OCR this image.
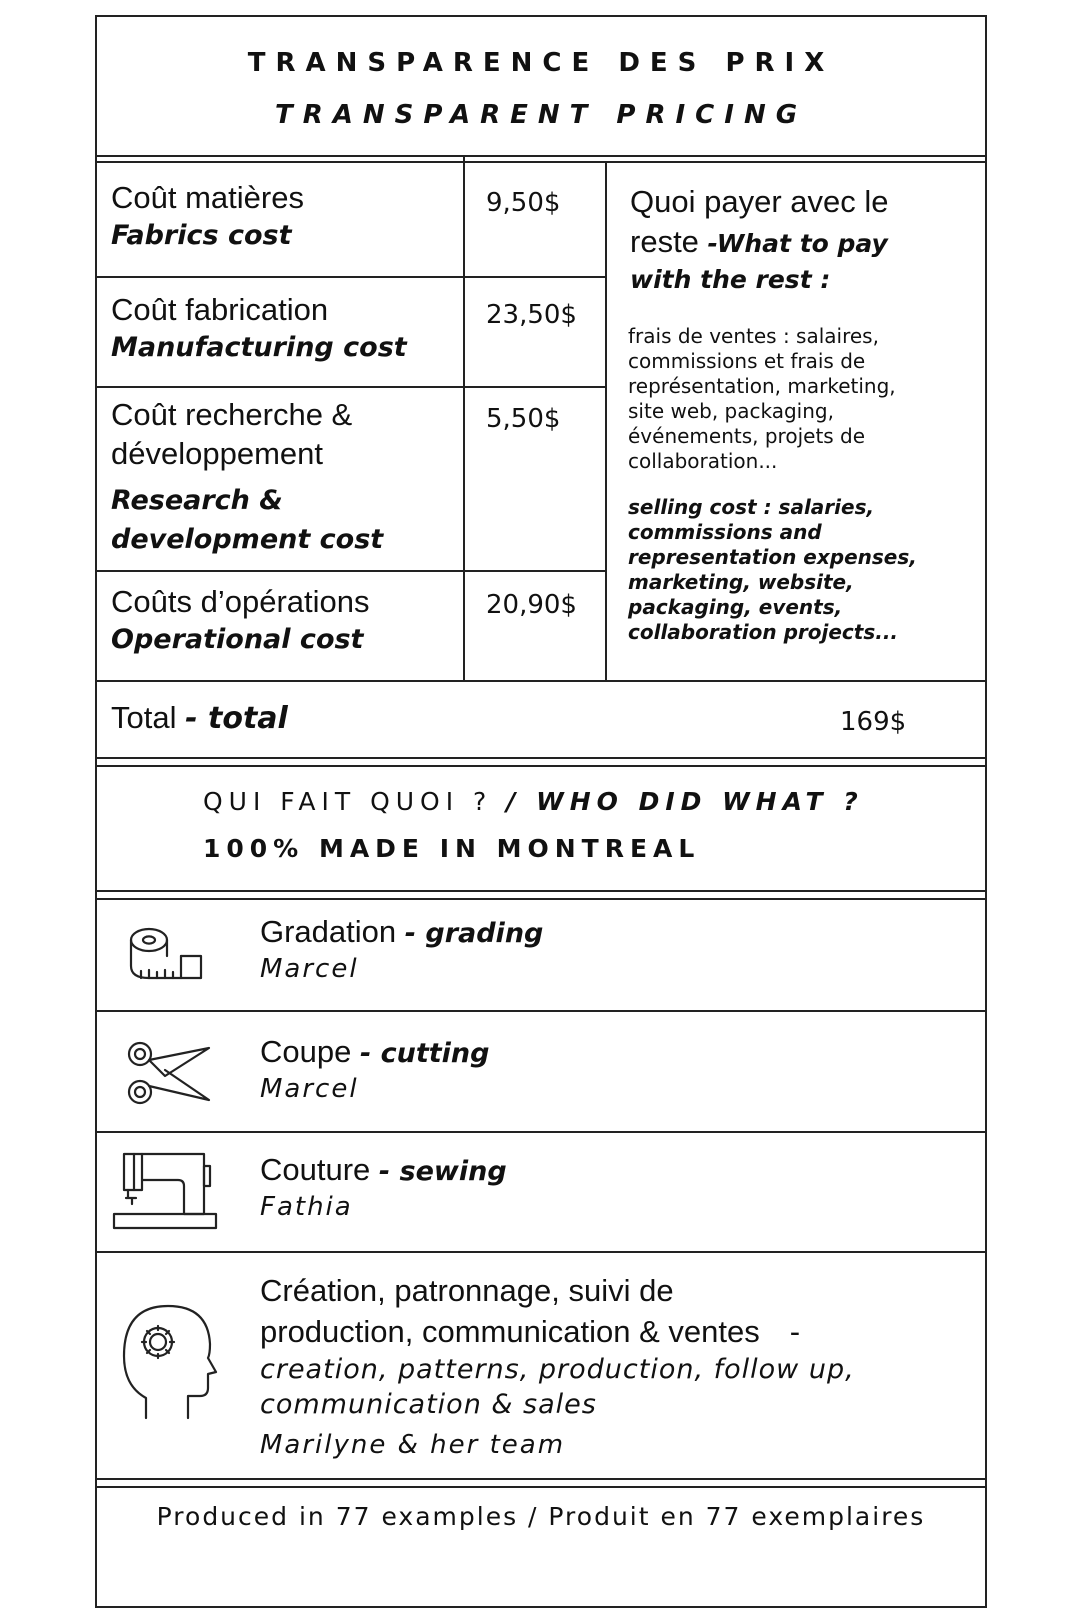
TRANSPARENCE DES PRIX
TRANSPARENT PRICING
Coût matières
Fabrics cost
9,50$
Coût fabrication
Manufacturing cost
23,50$
Coût recherche &
développement
Research &
development cost
5,50$
Coûts d’opérations
Operational cost
20,90$
Quoi payer avec le
reste -What to pay
with the rest :
frais de ventes : salaires,
commissions et frais de
représentation, marketing,
site web, packaging,
événements, projets de
collaboration...
selling cost : salaries,
commissions and
representation expenses,
marketing, website,
packaging, events,
collaboration projects...
Total - total	169$
QUI FAIT QUOI ? / WHO DID WHAT ?
100% MADE IN MONTREAL
Gradation - grading
Marcel
Coupe - cutting
Marcel
Couture - sewing
Fathia
Création, patronnage, suivi de
production, communication & ventes -
creation, patterns, production, follow up,
communication & sales
Marilyne & her team
Produced in 77 examples / Produit en 77 exemplaires
